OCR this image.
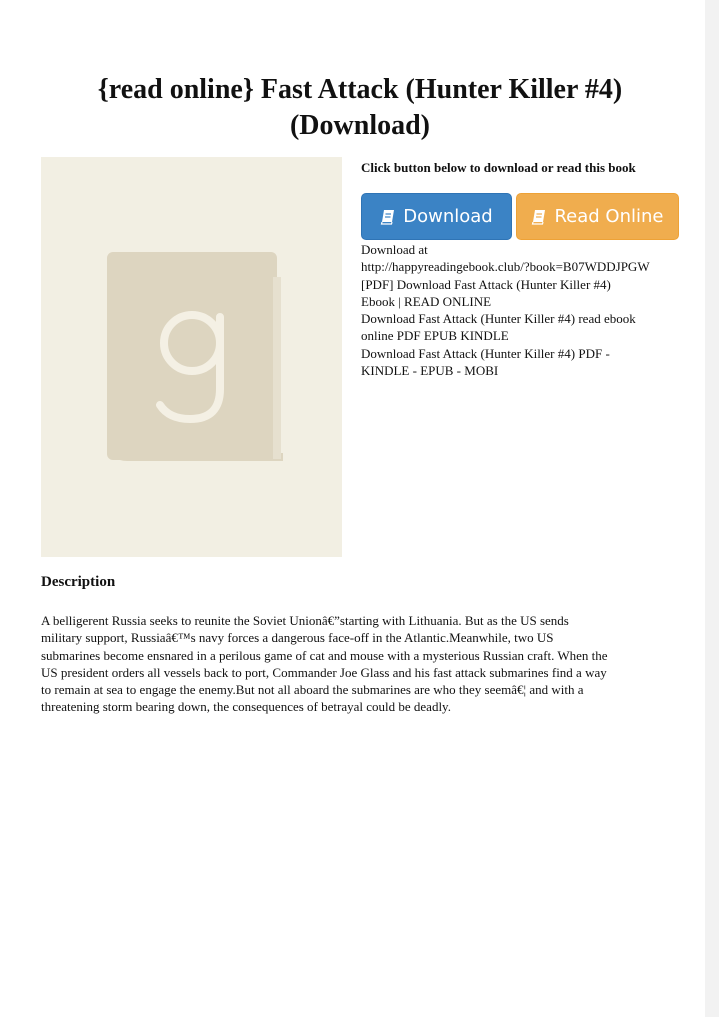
{read online} Fast Attack (Hunter Killer #4)
(Download)
Click button below to download or read this book
Download	Read Online
Download at
http://happyreadingebook.club/?book=B07WDDJPGW
[PDF] Download Fast Attack (Hunter Killer #4)
Ebook | READ ONLINE
Download Fast Attack (Hunter Killer #4) read ebook
online PDF EPUB KINDLE
Download Fast Attack (Hunter Killer #4) PDF -
KINDLE - EPUB - MOBI
Description
A belligerent Russia seeks to reunite the Soviet Unionâ€”starting with Lithuania. But as the US sends
military support, Russiaâ€™s navy forces a dangerous face-off in the Atlantic.Meanwhile, two US
submarines become ensnared in a perilous game of cat and mouse with a mysterious Russian craft. When the
US president orders all vessels back to port, Commander Joe Glass and his fast attack submarines find a way
to remain at sea to engage the enemy.But not all aboard the submarines are who they seemâ€¦ and with a
threatening storm bearing down, the consequences of betrayal could be deadly.
